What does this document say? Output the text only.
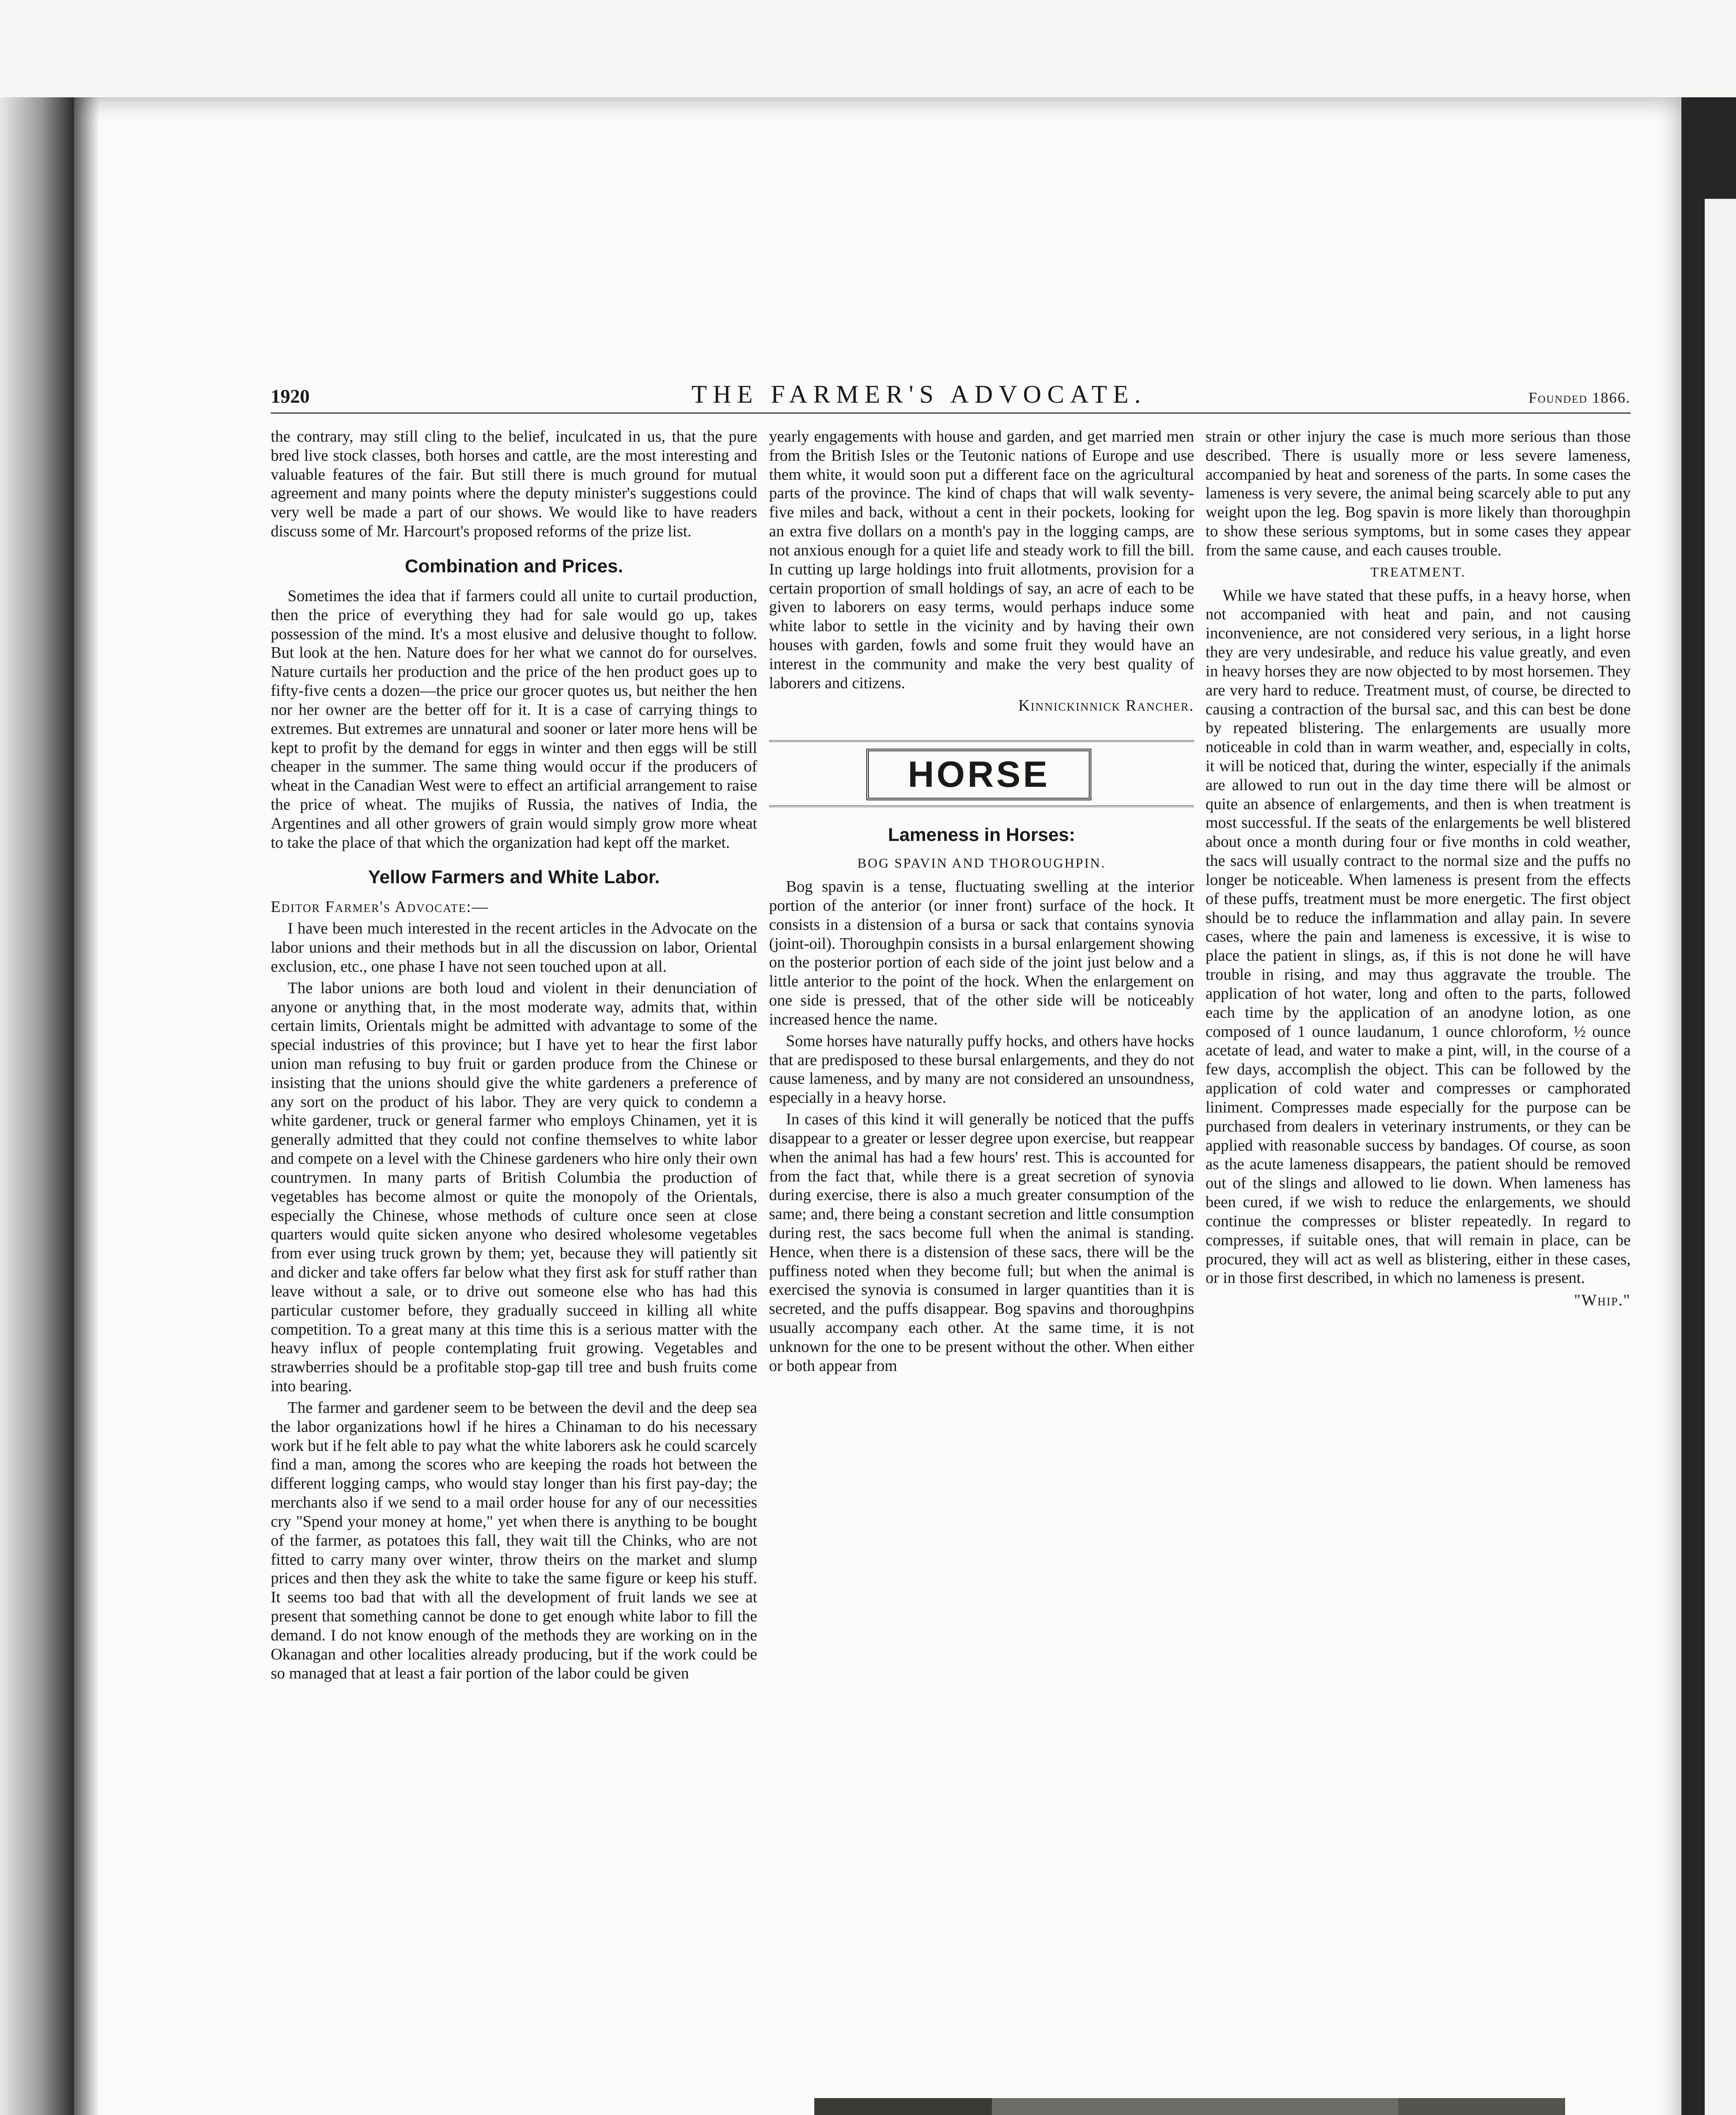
1920	THE FARMER'S ADVOCATE.	Founded 1866.

the contrary, may still cling to the belief, inculcated in us, that the pure bred live stock classes, both horses and cattle, are the most interesting and valuable features of the fair. But still there is much ground for mutual agreement and many points where the deputy minister's suggestions could very well be made a part of our shows. We would like to have readers discuss some of Mr. Harcourt's proposed reforms of the prize list.

Combination and Prices.

Sometimes the idea that if farmers could all unite to curtail production, then the price of everything they had for sale would go up, takes possession of the mind. It's a most elusive and delusive thought to follow. But look at the hen. Nature does for her what we cannot do for ourselves. Nature curtails her production and the price of the hen product goes up to fifty-five cents a dozen—the price our grocer quotes us, but neither the hen nor her owner are the better off for it. It is a case of carrying things to extremes. But extremes are unnatural and sooner or later more hens will be kept to profit by the demand for eggs in winter and then eggs will be still cheaper in the summer. The same thing would occur if the producers of wheat in the Canadian West were to effect an artificial arrangement to raise the price of wheat. The mujiks of Russia, the natives of India, the Argentines and all other growers of grain would simply grow more wheat to take the place of that which the organization had kept off the market.

Yellow Farmers and White Labor.

Editor Farmer's Advocate:—

I have been much interested in the recent articles in the Advocate on the labor unions and their methods but in all the discussion on labor, Oriental exclusion, etc., one phase I have not seen touched upon at all.

The labor unions are both loud and violent in their denunciation of anyone or anything that, in the most moderate way, admits that, within certain limits, Orientals might be admitted with advantage to some of the special industries of this province; but I have yet to hear the first labor union man refusing to buy fruit or garden produce from the Chinese or insisting that the unions should give the white gardeners a preference of any sort on the product of his labor. They are very quick to condemn a white gardener, truck or general farmer who employs Chinamen, yet it is generally admitted that they could not confine themselves to white labor and compete on a level with the Chinese gardeners who hire only their own countrymen. In many parts of British Columbia the production of vegetables has become almost or quite the monopoly of the Orientals, especially the Chinese, whose methods of culture once seen at close quarters would quite sicken anyone who desired wholesome vegetables from ever using truck grown by them; yet, because they will patiently sit and dicker and take offers far below what they first ask for stuff rather than leave without a sale, or to drive out someone else who has had this particular customer before, they gradually succeed in killing all white competition. To a great many at this time this is a serious matter with the heavy influx of people contemplating fruit growing. Vegetables and strawberries should be a profitable stop-gap till tree and bush fruits come into bearing.

The farmer and gardener seem to be between the devil and the deep sea the labor organizations howl if he hires a Chinaman to do his necessary work but if he felt able to pay what the white laborers ask he could scarcely find a man, among the scores who are keeping the roads hot between the different logging camps, who would stay longer than his first pay-day; the merchants also if we send to a mail order house for any of our necessities cry "Spend your money at home," yet when there is anything to be bought of the farmer, as potatoes this fall, they wait till the Chinks, who are not fitted to carry many over winter, throw theirs on the market and slump prices and then they ask the white to take the same figure or keep his stuff. It seems too bad that with all the development of fruit lands we see at present that something cannot be done to get enough white labor to fill the demand. I do not know enough of the methods they are working on in the Okanagan and other localities already producing, but if the work could be so managed that at least a fair portion of the labor could be given

yearly engagements with house and garden, and get married men from the British Isles or the Teutonic nations of Europe and use them white, it would soon put a different face on the agricultural parts of the province. The kind of chaps that will walk seventy-five miles and back, without a cent in their pockets, looking for an extra five dollars on a month's pay in the logging camps, are not anxious enough for a quiet life and steady work to fill the bill. In cutting up large holdings into fruit allotments, provision for a certain proportion of small holdings of say, an acre of each to be given to laborers on easy terms, would perhaps induce some white labor to settle in the vicinity and by having their own houses with garden, fowls and some fruit they would have an interest in the community and make the very best quality of laborers and citizens.

Kinnickinnick Rancher.

HORSE
Lameness in Horses:
BOG SPAVIN AND THOROUGHPIN.

Bog spavin is a tense, fluctuating swelling at the interior portion of the anterior (or inner front) surface of the hock. It consists in a distension of a bursa or sack that contains synovia (joint-oil). Thoroughpin consists in a bursal enlargement showing on the posterior portion of each side of the joint just below and a little anterior to the point of the hock. When the enlargement on one side is pressed, that of the other side will be noticeably increased hence the name.

Some horses have naturally puffy hocks, and others have hocks that are predisposed to these bursal enlargements, and they do not cause lameness, and by many are not considered an unsoundness, especially in a heavy horse.

In cases of this kind it will generally be noticed that the puffs disappear to a greater or lesser degree upon exercise, but reappear when the animal has had a few hours' rest. This is accounted for from the fact that, while there is a great secretion of synovia during exercise, there is also a much greater consumption of the same; and, there being a constant secretion and little consumption during rest, the sacs become full when the animal is standing. Hence, when there is a distension of these sacs, there will be the puffiness noted when they become full; but when the animal is exercised the synovia is consumed in larger quantities than it is secreted, and the puffs disappear. Bog spavins and thoroughpins usually accompany each other. At the same time, it is not unknown for the one to be present without the other. When either or both appear from

strain or other injury the case is much more serious than those described. There is usually more or less severe lameness, accompanied by heat and soreness of the parts. In some cases the lameness is very severe, the animal being scarcely able to put any weight upon the leg. Bog spavin is more likely than thoroughpin to show these serious symptoms, but in some cases they appear from the same cause, and each causes trouble.

TREATMENT.

While we have stated that these puffs, in a heavy horse, when not accompanied with heat and pain, and not causing inconvenience, are not considered very serious, in a light horse they are very undesirable, and reduce his value greatly, and even in heavy horses they are now objected to by most horsemen. They are very hard to reduce. Treatment must, of course, be directed to causing a contraction of the bursal sac, and this can best be done by repeated blistering. The enlargements are usually more noticeable in cold than in warm weather, and, especially in colts, it will be noticed that, during the winter, especially if the animals are allowed to run out in the day time there will be almost or quite an absence of enlargements, and then is when treatment is most successful. If the seats of the enlargements be well blistered about once a month during four or five months in cold weather, the sacs will usually contract to the normal size and the puffs no longer be noticeable. When lameness is present from the effects of these puffs, treatment must be more energetic. The first object should be to reduce the inflammation and allay pain. In severe cases, where the pain and lameness is excessive, it is wise to place the patient in slings, as, if this is not done he will have trouble in rising, and may thus aggravate the trouble. The application of hot water, long and often to the parts, followed each time by the application of an anodyne lotion, as one composed of 1 ounce laudanum, 1 ounce chloroform, ½ ounce acetate of lead, and water to make a pint, will, in the course of a few days, accomplish the object. This can be followed by the application of cold water and compresses or camphorated liniment. Compresses made especially for the purpose can be purchased from dealers in veterinary instruments, or they can be applied with reasonable success by bandages. Of course, as soon as the acute lameness disappears, the patient should be removed out of the slings and allowed to lie down. When lameness has been cured, if we wish to reduce the enlargements, we should continue the compresses or blister repeatedly. In regard to compresses, if suitable ones, that will remain in place, can be procured, they will act as well as blistering, either in these cases, or in those first described, in which no lameness is present.

"Whip."
